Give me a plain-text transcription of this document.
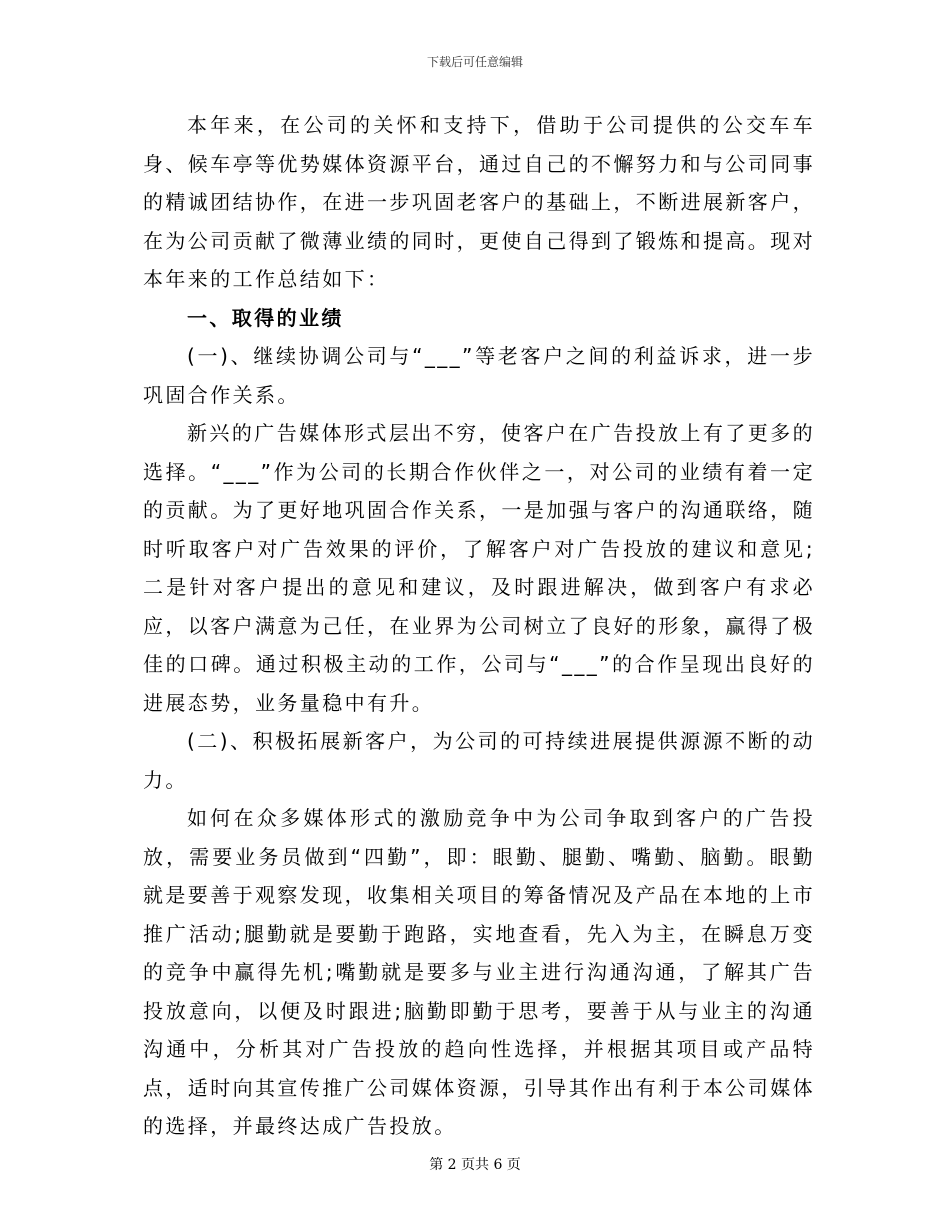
下载后可任意编辑

本年来，在公司的关怀和支持下，借助于公司提供的公交车车身、候车亭等优势媒体资源平台，通过自己的不懈努力和与公司同事的精诚团结协作，在进一步巩固老客户的基础上，不断进展新客户，在为公司贡献了微薄业绩的同时，更使自己得到了锻炼和提高。现对本年来的工作总结如下：

一、取得的业绩

(一)、继续协调公司与“___”等老客户之间的利益诉求，进一步巩固合作关系。

新兴的广告媒体形式层出不穷，使客户在广告投放上有了更多的选择。“___”作为公司的长期合作伙伴之一，对公司的业绩有着一定的贡献。为了更好地巩固合作关系，一是加强与客户的沟通联络，随时听取客户对广告效果的评价，了解客户对广告投放的建议和意见;二是针对客户提出的意见和建议，及时跟进解决，做到客户有求必应，以客户满意为己任，在业界为公司树立了良好的形象，赢得了极佳的口碑。通过积极主动的工作，公司与“___”的合作呈现出良好的进展态势，业务量稳中有升。

(二)、积极拓展新客户，为公司的可持续进展提供源源不断的动力。

如何在众多媒体形式的激励竞争中为公司争取到客户的广告投放，需要业务员做到“四勤”，即：眼勤、腿勤、嘴勤、脑勤。眼勤就是要善于观察发现，收集相关项目的筹备情况及产品在本地的上市推广活动;腿勤就是要勤于跑路，实地查看，先入为主，在瞬息万变的竞争中赢得先机;嘴勤就是要多与业主进行沟通沟通，了解其广告投放意向，以便及时跟进;脑勤即勤于思考，要善于从与业主的沟通沟通中，分析其对广告投放的趋向性选择，并根据其项目或产品特点，适时向其宣传推广公司媒体资源，引导其作出有利于本公司媒体的选择，并最终达成广告投放。

第 2 页共 6 页
